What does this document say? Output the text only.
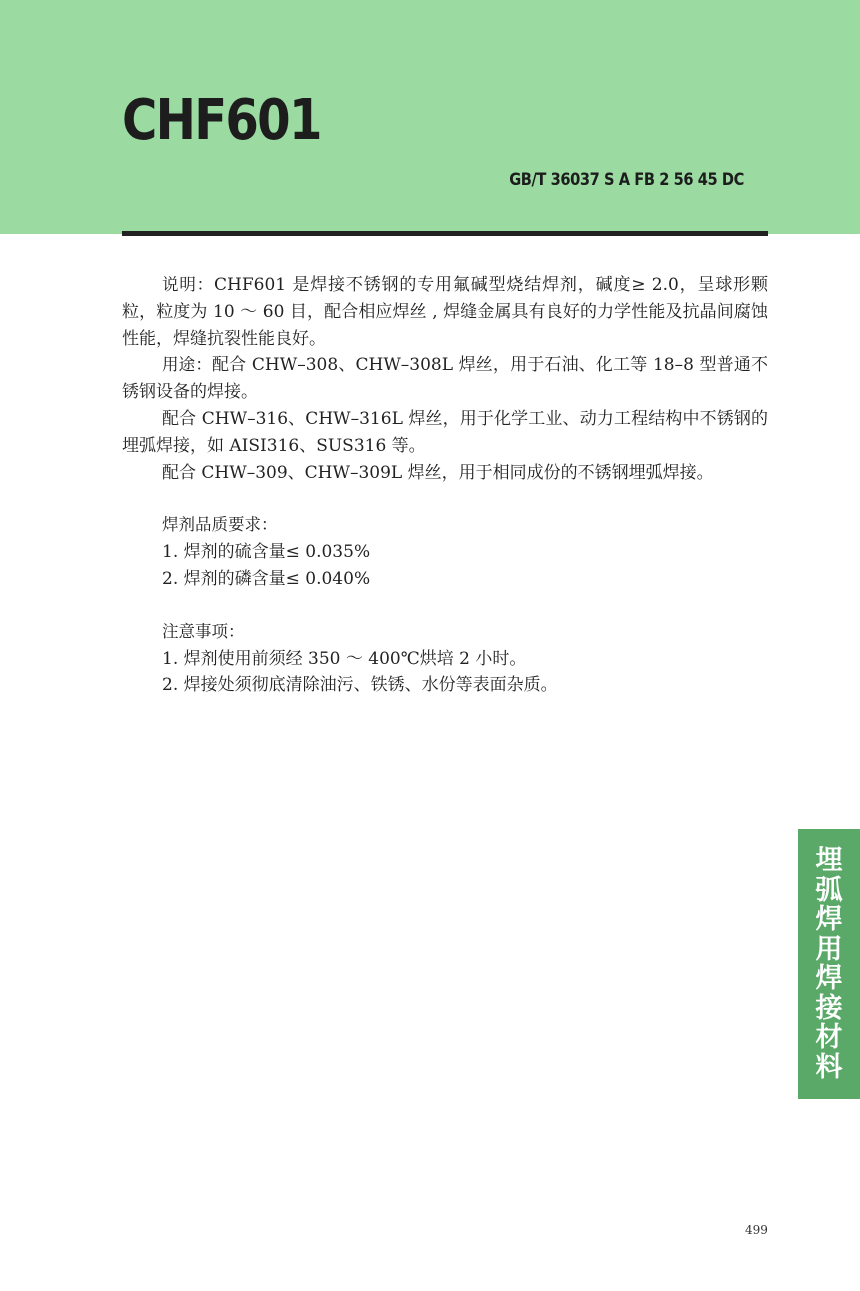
CHF601
GB/T 36037 S A FB 2 56 45 DC

说明：CHF601 是焊接不锈钢的专用氟碱型烧结焊剂，碱度≥ 2.0，呈球形颗粒，粒度为 10 ～ 60 目，配合相应焊丝 , 焊缝金属具有良好的力学性能及抗晶间腐蚀性能，焊缝抗裂性能良好。

用途：配合 CHW–308、CHW–308L 焊丝，用于石油、化工等 18–8 型普通不锈钢设备的焊接。

配合 CHW–316、CHW–316L 焊丝，用于化学工业、动力工程结构中不锈钢的埋弧焊接，如 AISI316、SUS316 等。

配合 CHW–309、CHW–309L 焊丝，用于相同成份的不锈钢埋弧焊接。

焊剂品质要求：
1. 焊剂的硫含量≤ 0.035%
2. 焊剂的磷含量≤ 0.040%
注意事项：
1. 焊剂使用前须经 350 ～ 400℃烘培 2 小时。
2. 焊接处须彻底清除油污、铁锈、水份等表面杂质。
埋
弧
焊
用
焊
接
材
料
499
